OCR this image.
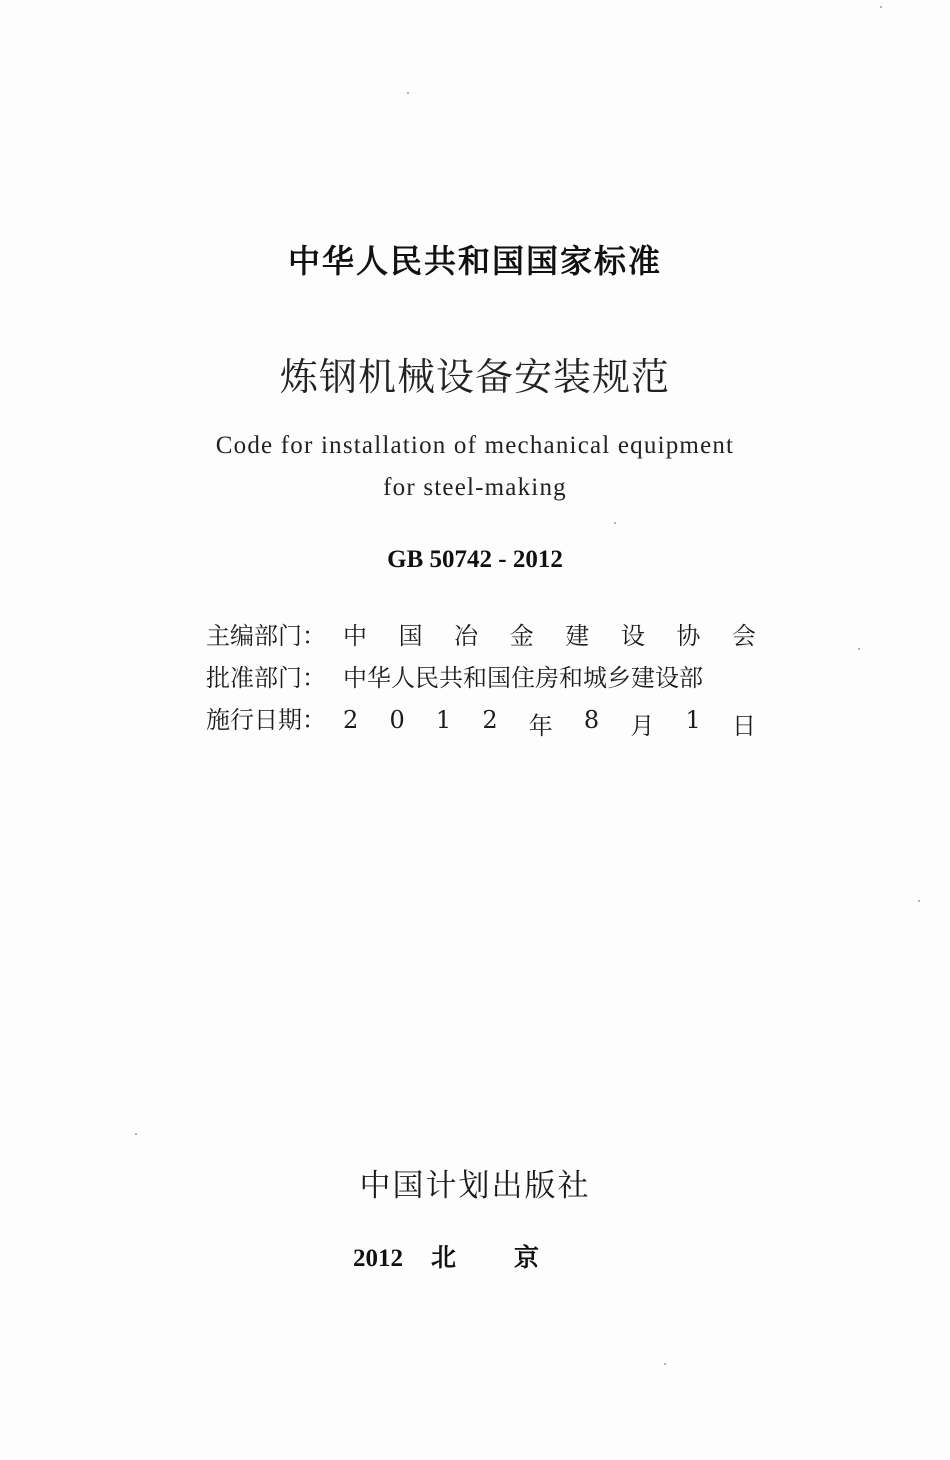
中华人民共和国国家标准
炼钢机械设备安装规范
Code for installation of mechanical equipment
for steel-making
GB 50742 - 2012
主编部门： 中 国 冶 金 建 设 协 会
批准部门： 中华人民共和国住房和城乡建设部
施行日期： 2 0 1 2 年 8 月 1 日
中国计划出版社
2012 北京
